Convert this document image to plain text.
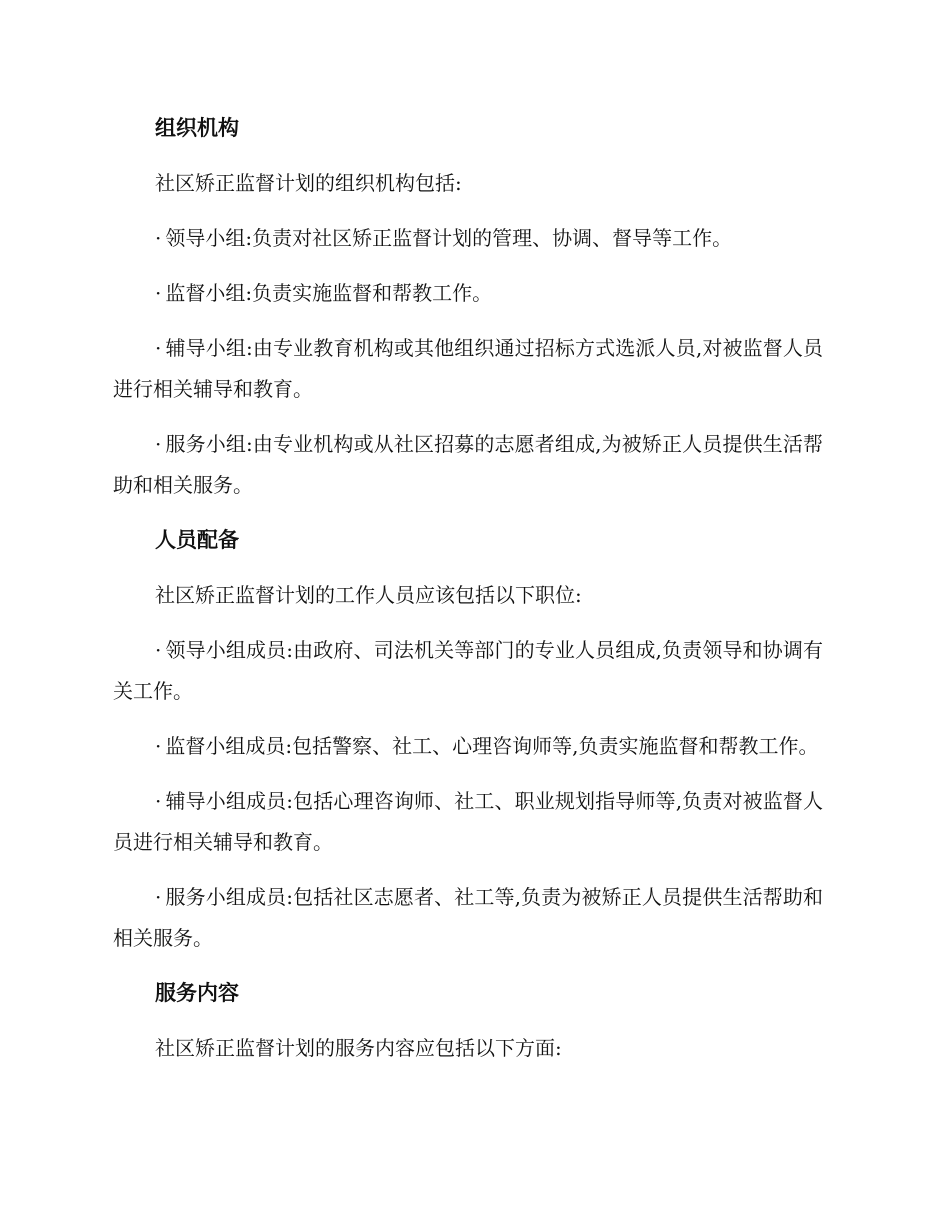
组织机构

社区矫正监督计划的组织机构包括:

· 领导小组:负责对社区矫正监督计划的管理、协调、督导等工作。

· 监督小组:负责实施监督和帮教工作。

· 辅导小组:由专业教育机构或其他组织通过招标方式选派人员,对被监督人员进行相关辅导和教育。

· 服务小组:由专业机构或从社区招募的志愿者组成,为被矫正人员提供生活帮助和相关服务。

人员配备

社区矫正监督计划的工作人员应该包括以下职位:

· 领导小组成员:由政府、司法机关等部门的专业人员组成,负责领导和协调有关工作。

· 监督小组成员:包括警察、社工、心理咨询师等,负责实施监督和帮教工作。

· 辅导小组成员:包括心理咨询师、社工、职业规划指导师等,负责对被监督人员进行相关辅导和教育。

· 服务小组成员:包括社区志愿者、社工等,负责为被矫正人员提供生活帮助和相关服务。

服务内容

社区矫正监督计划的服务内容应包括以下方面:
